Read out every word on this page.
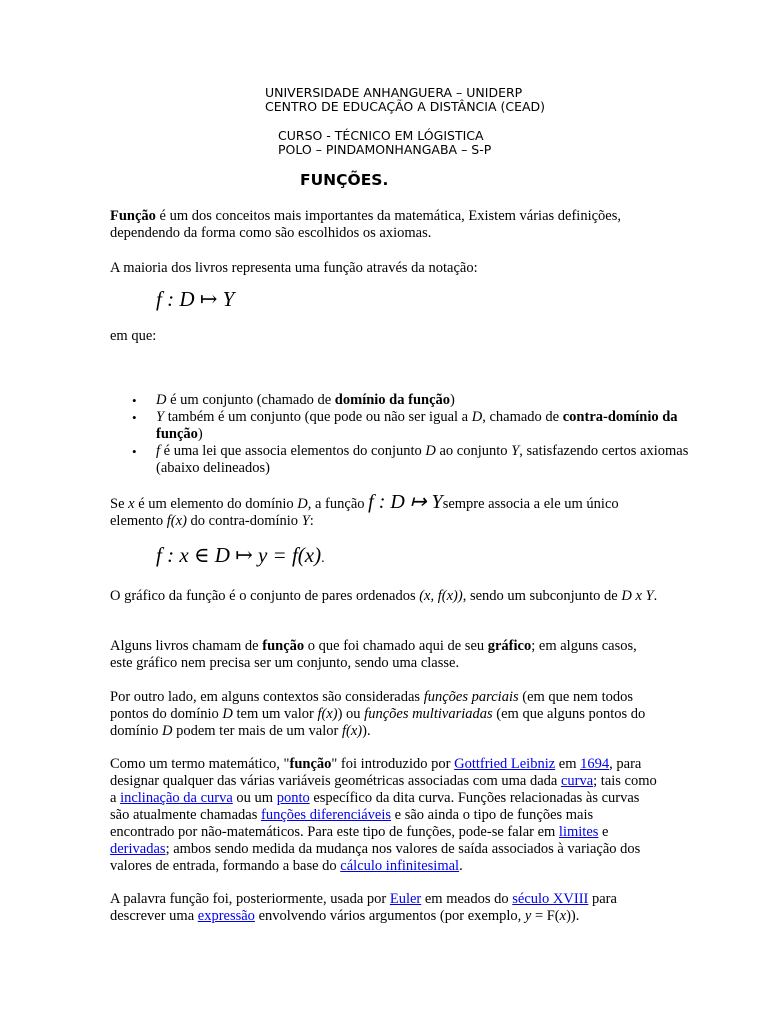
UNIVERSIDADE ANHANGUERA – UNIDERP
CENTRO DE EDUCAÇÃO A DISTÂNCIA (CEAD)
CURSO - TÉCNICO EM LÓGISTICA
POLO – PINDAMONHANGABA – S-P
FUNÇÕES.
Função é um dos conceitos mais importantes da matemática, Existem várias definições, dependendo da forma como são escolhidos os axiomas.
A maioria dos livros representa uma função através da notação:
f : D ↦ Y
em que:
• D é um conjunto (chamado de domínio da função)
• Y também é um conjunto (que pode ou não ser igual a D, chamado de contra-domínio da função)
• f é uma lei que associa elementos do conjunto D ao conjunto Y, satisfazendo certos axiomas (abaixo delineados)
Se x é um elemento do domínio D, a função f : D ↦ Ysempre associa a ele um único elemento f(x) do contra-domínio Y:
f : x ∈ D ↦ y = f(x).
O gráfico da função é o conjunto de pares ordenados (x, f(x)), sendo um subconjunto de D x Y.
Alguns livros chamam de função o que foi chamado aqui de seu gráfico; em alguns casos, este gráfico nem precisa ser um conjunto, sendo uma classe.
Por outro lado, em alguns contextos são consideradas funções parciais (em que nem todos pontos do domínio D tem um valor f(x)) ou funções multivariadas (em que alguns pontos do domínio D podem ter mais de um valor f(x)).
Como um termo matemático, "função" foi introduzido por Gottfried Leibniz em 1694, para designar qualquer das várias variáveis geométricas associadas com uma dada curva; tais como a inclinação da curva ou um ponto específico da dita curva. Funções relacionadas às curvas são atualmente chamadas funções diferenciáveis e são ainda o tipo de funções mais encontrado por não-matemáticos. Para este tipo de funções, pode-se falar em limites e derivadas; ambos sendo medida da mudança nos valores de saída associados à variação dos valores de entrada, formando a base do cálculo infinitesimal.
A palavra função foi, posteriormente, usada por Euler em meados do século XVIII para descrever uma expressão envolvendo vários argumentos (por exemplo, y = F(x)).
